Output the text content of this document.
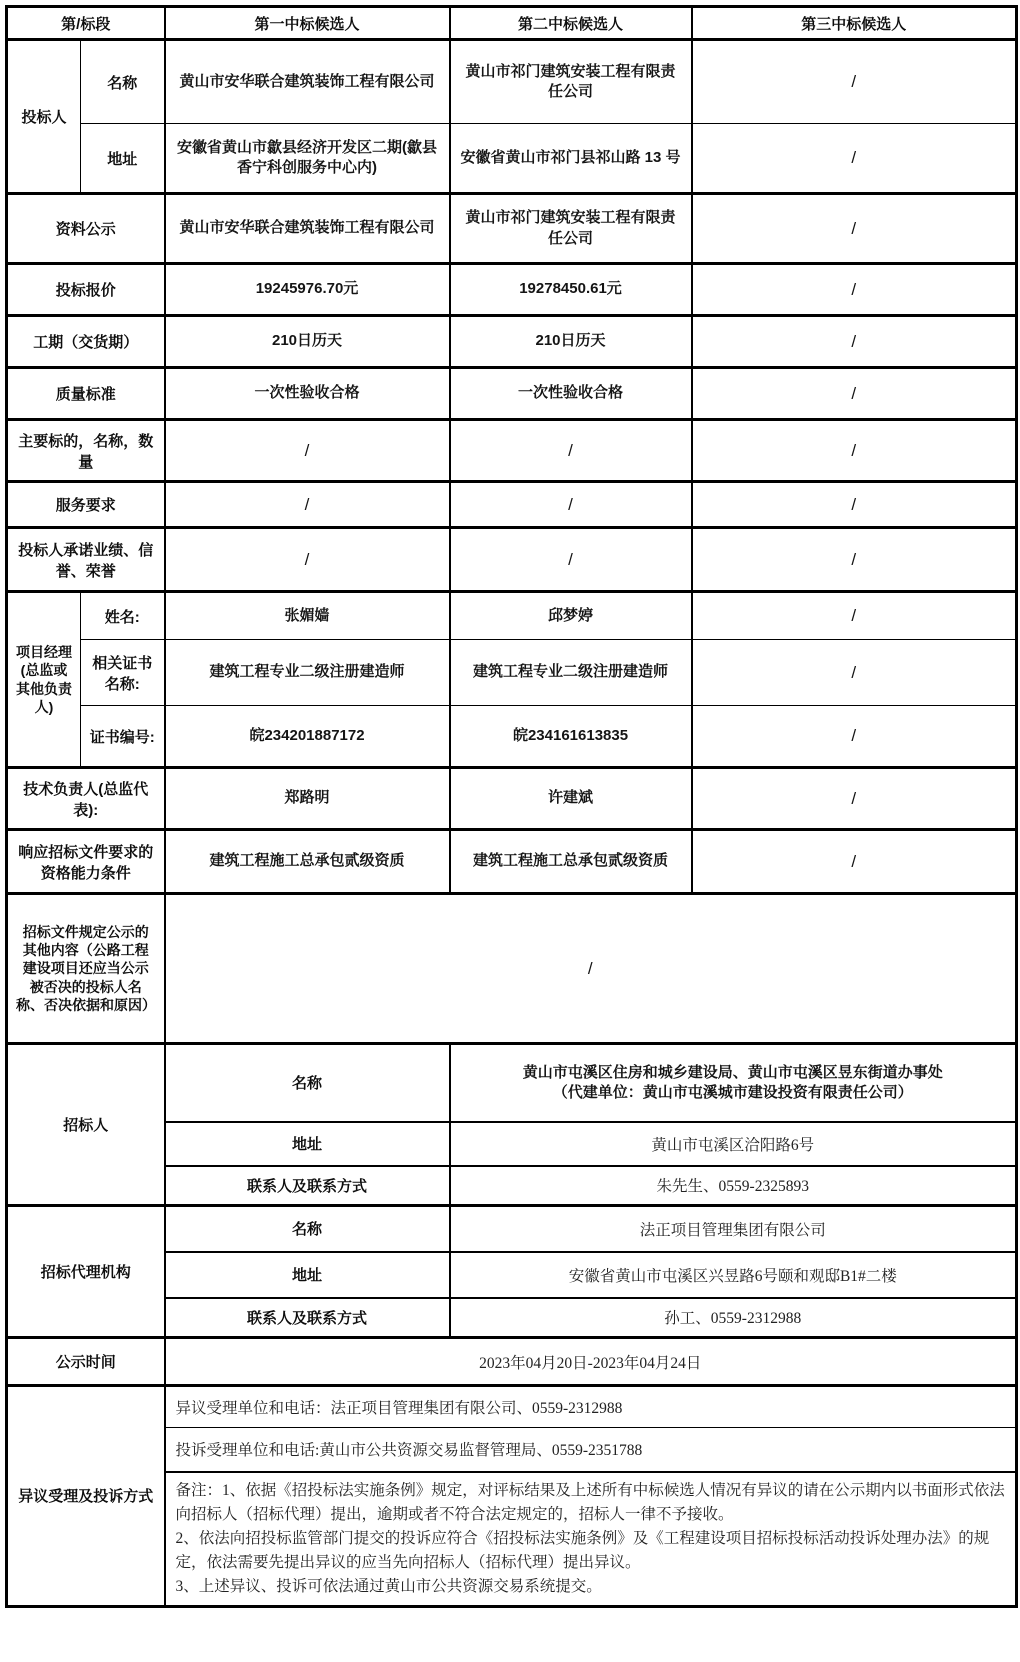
第/标段		第一中标候选人	第二中标候选人	第三中标候选人
投标人	名称	黄山市安华联合建筑装饰工程有限公司	黄山市祁门建筑安装工程有限责任公司	/
	地址	安徽省黄山市歙县经济开发区二期(歙县香宁科创服务中心内)	安徽省黄山市祁门县祁山路 13 号	/
资料公示		黄山市安华联合建筑装饰工程有限公司	黄山市祁门建筑安装工程有限责任公司	/
投标报价		19245976.70元	19278450.61元	/
工期（交货期）		210日历天	210日历天	/
质量标准		一次性验收合格	一次性验收合格	/
主要标的，名称，数量		/	/	/
服务要求		/	/	/
投标人承诺业绩、信誉、荣誉		/	/	/
项目经理(总监或其他负责人)	姓名:	张媚嫱	邱梦婷	/
	相关证书名称:	建筑工程专业二级注册建造师	建筑工程专业二级注册建造师	/
	证书编号:	皖234201887172	皖234161613835	/
技术负责人(总监代表):		郑路明	许建斌	/
响应招标文件要求的资格能力条件		建筑工程施工总承包贰级资质	建筑工程施工总承包贰级资质	/
招标文件规定公示的其他内容（公路工程建设项目还应当公示被否决的投标人名称、否决依据和原因）		/		
招标人		名称	黄山市屯溪区住房和城乡建设局、黄山市屯溪区昱东街道办事处
（代建单位：黄山市屯溪城市建设投资有限责任公司）	

		地址	黄山市屯溪区洽阳路6号	
		联系人及联系方式	朱先生、0559-2325893	
招标代理机构		名称	法正项目管理集团有限公司	
		地址	安徽省黄山市屯溪区兴昱路6号颐和观邸B1#二楼	
		联系人及联系方式	孙工、0559-2312988	
公示时间		2023年04月20日-2023年04月24日		
异议受理及投诉方式		异议受理单位和电话：法正项目管理集团有限公司、0559-2312988		
		投诉受理单位和电话:黄山市公共资源交易监督管理局、0559-2351788		

		备注：1、依据《招投标法实施条例》规定，对评标结果及上述所有中标候选人情况有异议的请在公示期内以书面形式依法向招标人（招标代理）提出，逾期或者不符合法定规定的，招标人一律不予接收。
2、依法向招投标监管部门提交的投诉应符合《招投标法实施条例》及《工程建设项目招标投标活动投诉处理办法》的规定，依法需要先提出异议的应当先向招标人（招标代理）提出异议。
3、上述异议、投诉可依法通过黄山市公共资源交易系统提交。		
